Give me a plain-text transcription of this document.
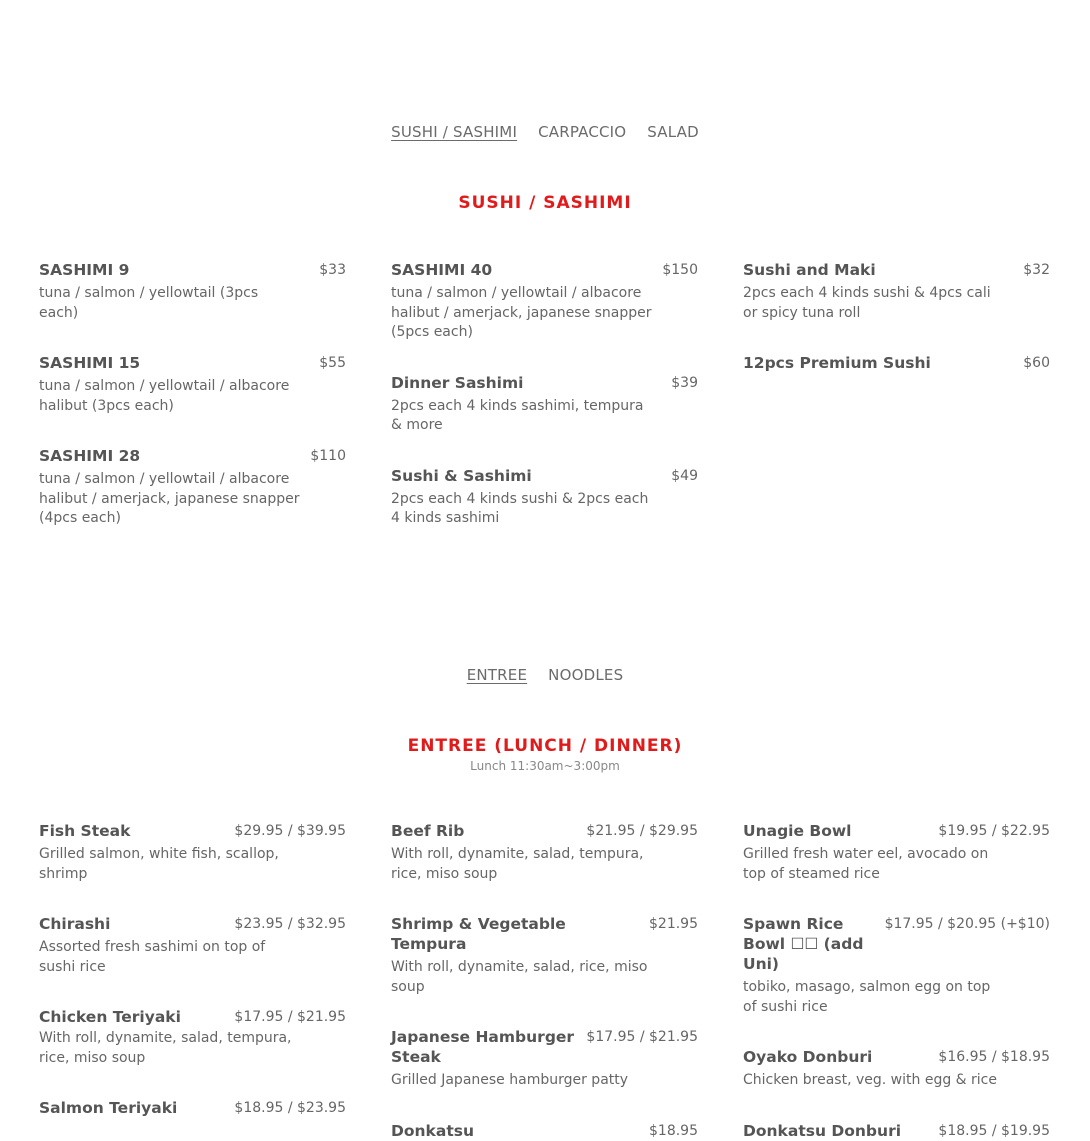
SUSHI / SASHIMI CARPACCIO SALAD
SUSHI / SASHIMI
SASHIMI 9	$33
tuna / salmon / yellowtail (3pcs each)
SASHIMI 15	$55
tuna / salmon / yellowtail / albacore halibut (3pcs each)
SASHIMI 28	$110
tuna / salmon / yellowtail / albacore halibut / amerjack, japanese snapper (4pcs each)
SASHIMI 40	$150
tuna / salmon / yellowtail / albacore halibut / amerjack, japanese snapper (5pcs each)
Dinner Sashimi	$39
2pcs each 4 kinds sashimi, tempura & more
Sushi & Sashimi	$49
2pcs each 4 kinds sushi & 2pcs each 4 kinds sashimi
Sushi and Maki	$32
2pcs each 4 kinds sushi & 4pcs cali or spicy tuna roll
12pcs Premium Sushi	$60
ENTREE NOODLES
ENTREE (LUNCH / DINNER)
Lunch 11:30am~3:00pm
Fish Steak	$29.95 / $39.95
Grilled salmon, white fish, scallop, shrimp
Chirashi	$23.95 / $32.95
Assorted fresh sashimi on top of sushi rice
Chicken Teriyaki	$17.95 / $21.95
With roll, dynamite, salad, tempura, rice, miso soup
Salmon Teriyaki	$18.95 / $23.95
Beef Rib	$21.95 / $29.95
With roll, dynamite, salad, tempura, rice, miso soup
Shrimp & Vegetable Tempura
$21.95
With roll, dynamite, salad, rice, miso soup
Japanese Hamburger Steak
$17.95 / $21.95
Grilled Japanese hamburger patty
Donkatsu	$18.95
Unagie Bowl	$19.95 / $22.95
Grilled fresh water eel, avocado on top of steamed rice
Spawn Rice Bowl ☐☐ (add Uni)
$17.95 / $20.95 (+$10)
tobiko, masago, salmon egg on top of sushi rice
Oyako Donburi	$16.95 / $18.95
Chicken breast, veg. with egg & rice
Donkatsu Donburi	$18.95 / $19.95
